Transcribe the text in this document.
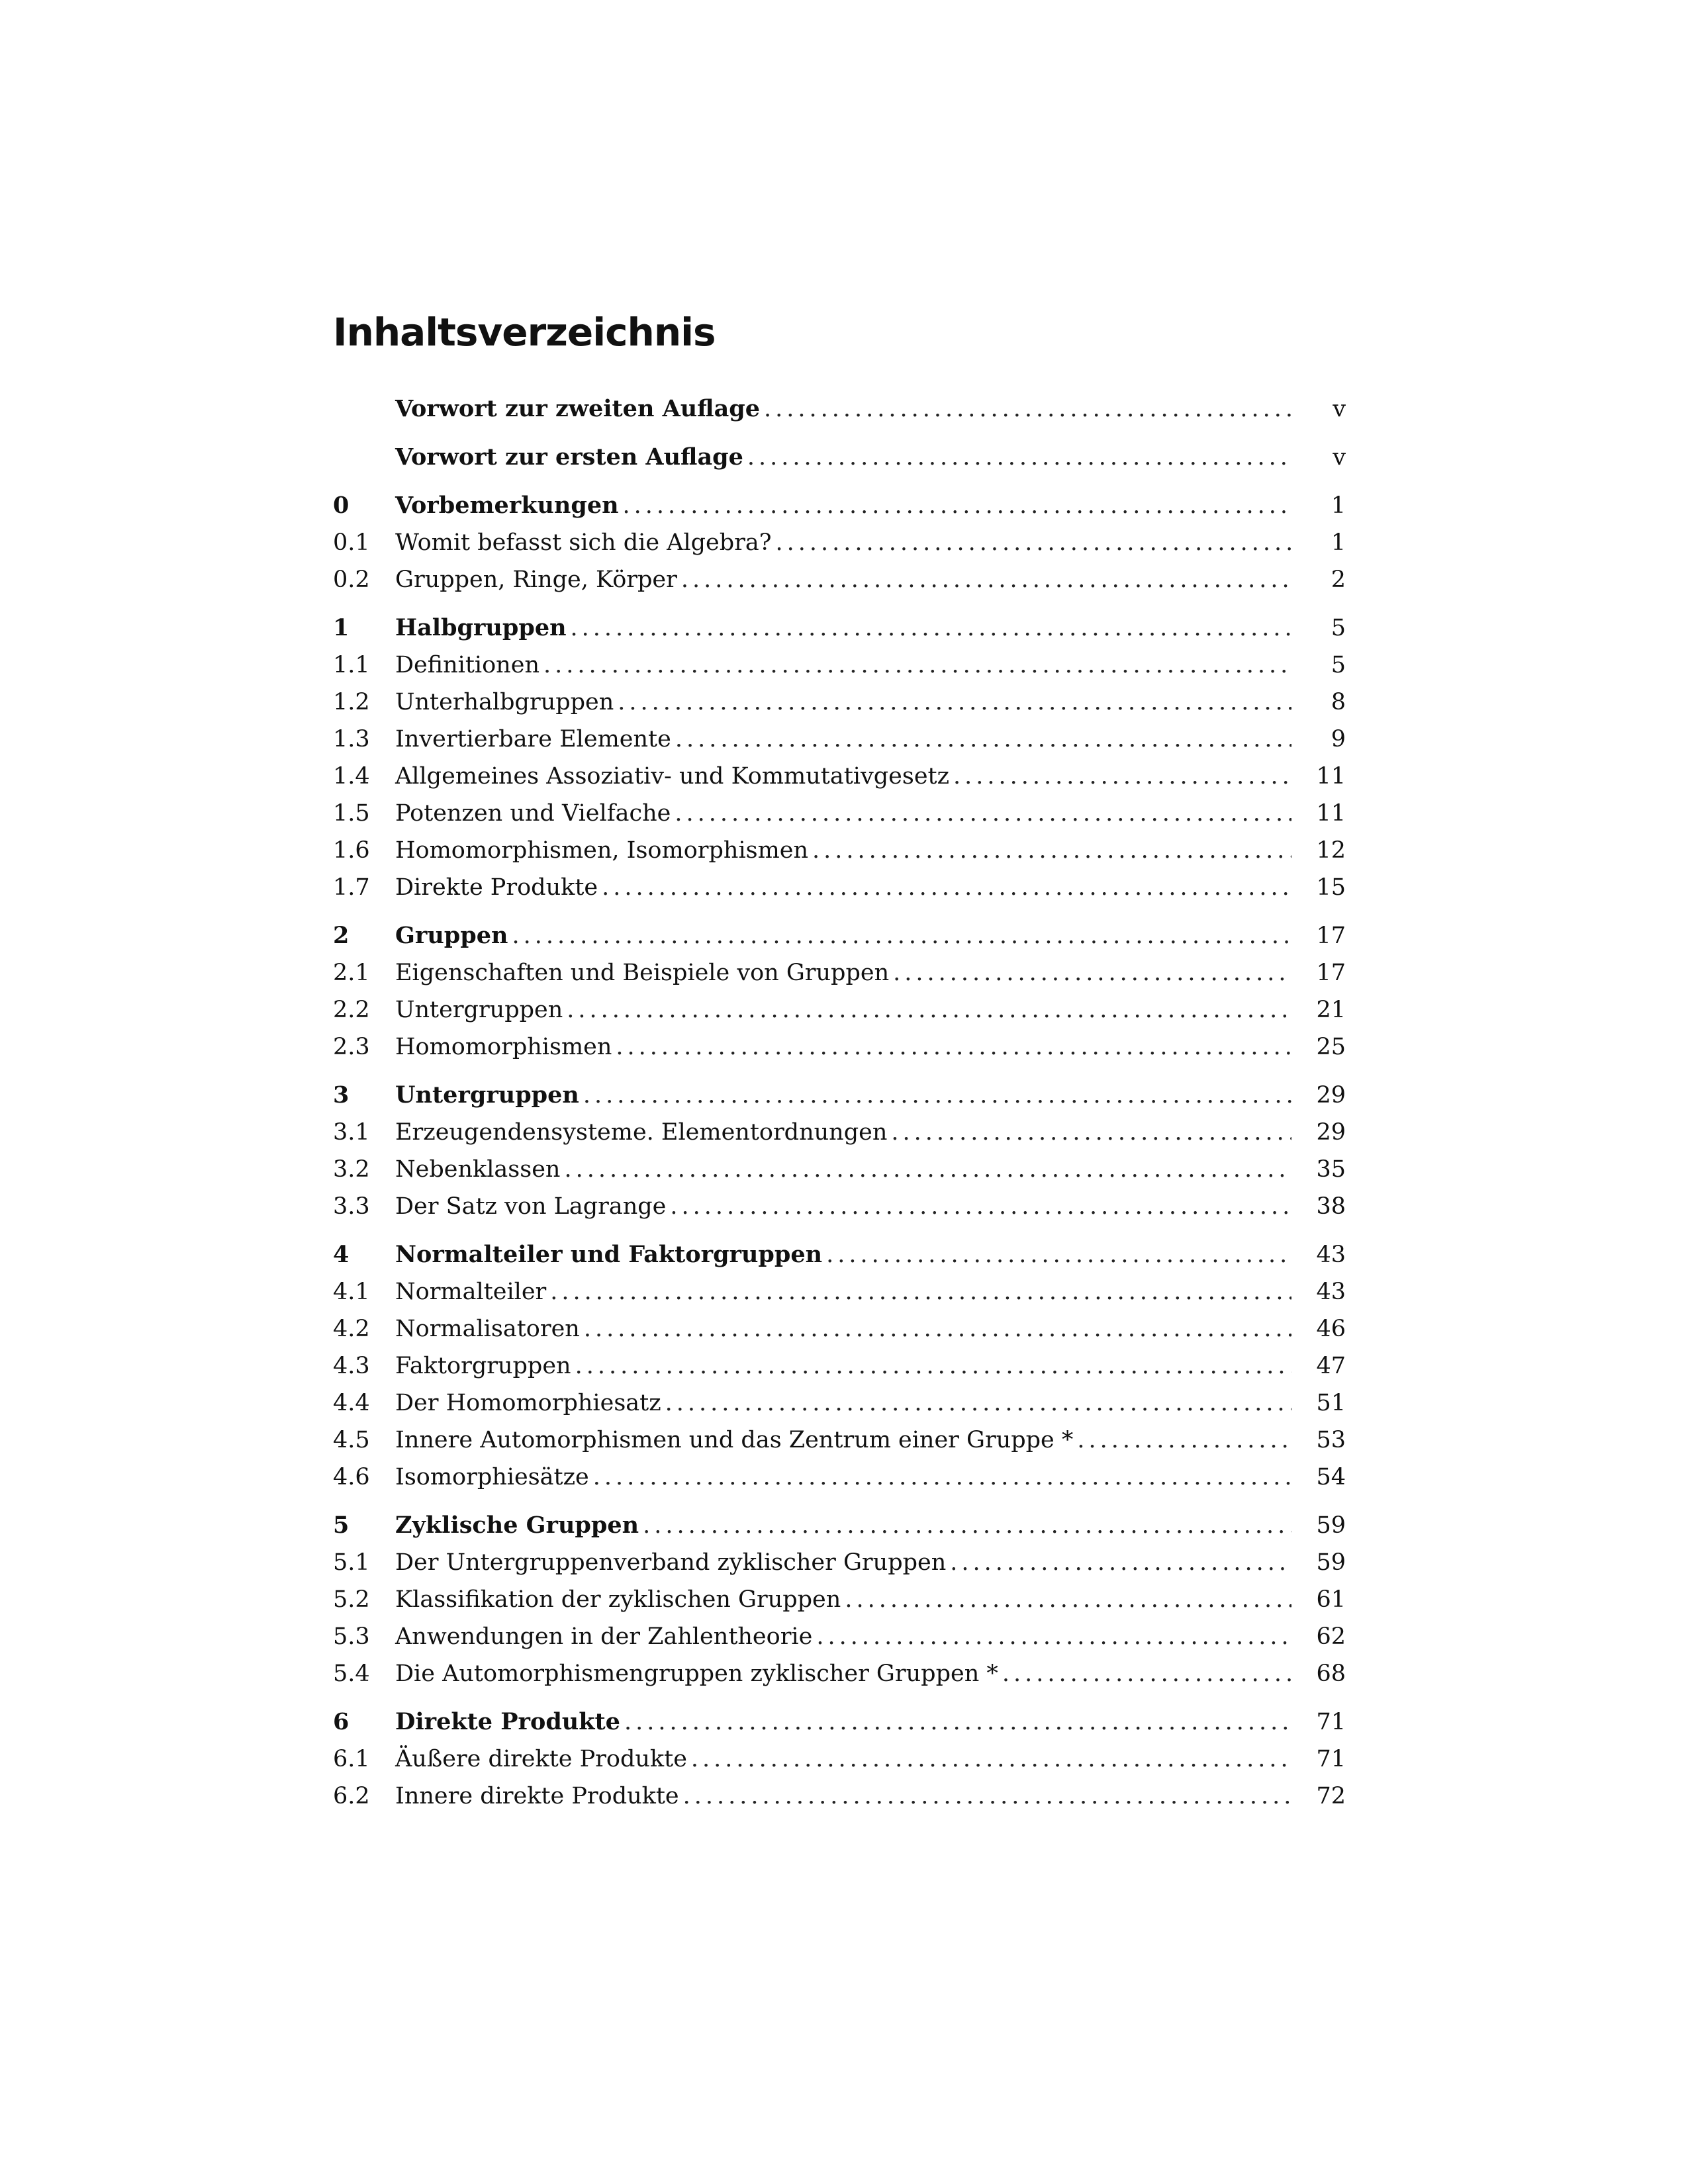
Inhaltsverzeichnis
Vorwort zur zweiten Auflage .....	v
Vorwort zur ersten Auflage .....	v
0	Vorbemerkungen .....	1
0.1	Womit befasst sich die Algebra? .....	1
0.2	Gruppen, Ringe, Körper .....	2
1	Halbgruppen .....	5
1.1	Definitionen .....	5
1.2	Unterhalbgruppen .....	8
1.3	Invertierbare Elemente .....	9
1.4	Allgemeines Assoziativ- und Kommutativgesetz .....	11
1.5	Potenzen und Vielfache .....	11
1.6	Homomorphismen, Isomorphismen .....	12
1.7	Direkte Produkte .....	15
2	Gruppen .....	17
2.1	Eigenschaften und Beispiele von Gruppen .....	17
2.2	Untergruppen .....	21
2.3	Homomorphismen .....	25
3	Untergruppen .....	29
3.1	Erzeugendensysteme. Elementordnungen .....	29
3.2	Nebenklassen .....	35
3.3	Der Satz von Lagrange .....	38
4	Normalteiler und Faktorgruppen .....	43
4.1	Normalteiler .....	43
4.2	Normalisatoren .....	46
4.3	Faktorgruppen .....	47
4.4	Der Homomorphiesatz .....	51
4.5	Innere Automorphismen und das Zentrum einer Gruppe * .....	53
4.6	Isomorphiesätze .....	54
5	Zyklische Gruppen .....	59
5.1	Der Untergruppenverband zyklischer Gruppen .....	59
5.2	Klassifikation der zyklischen Gruppen .....	61
5.3	Anwendungen in der Zahlentheorie .....	62
5.4	Die Automorphismengruppen zyklischer Gruppen * .....	68
6	Direkte Produkte .....	71
6.1	Äußere direkte Produkte .....	71
6.2	Innere direkte Produkte .....	72
